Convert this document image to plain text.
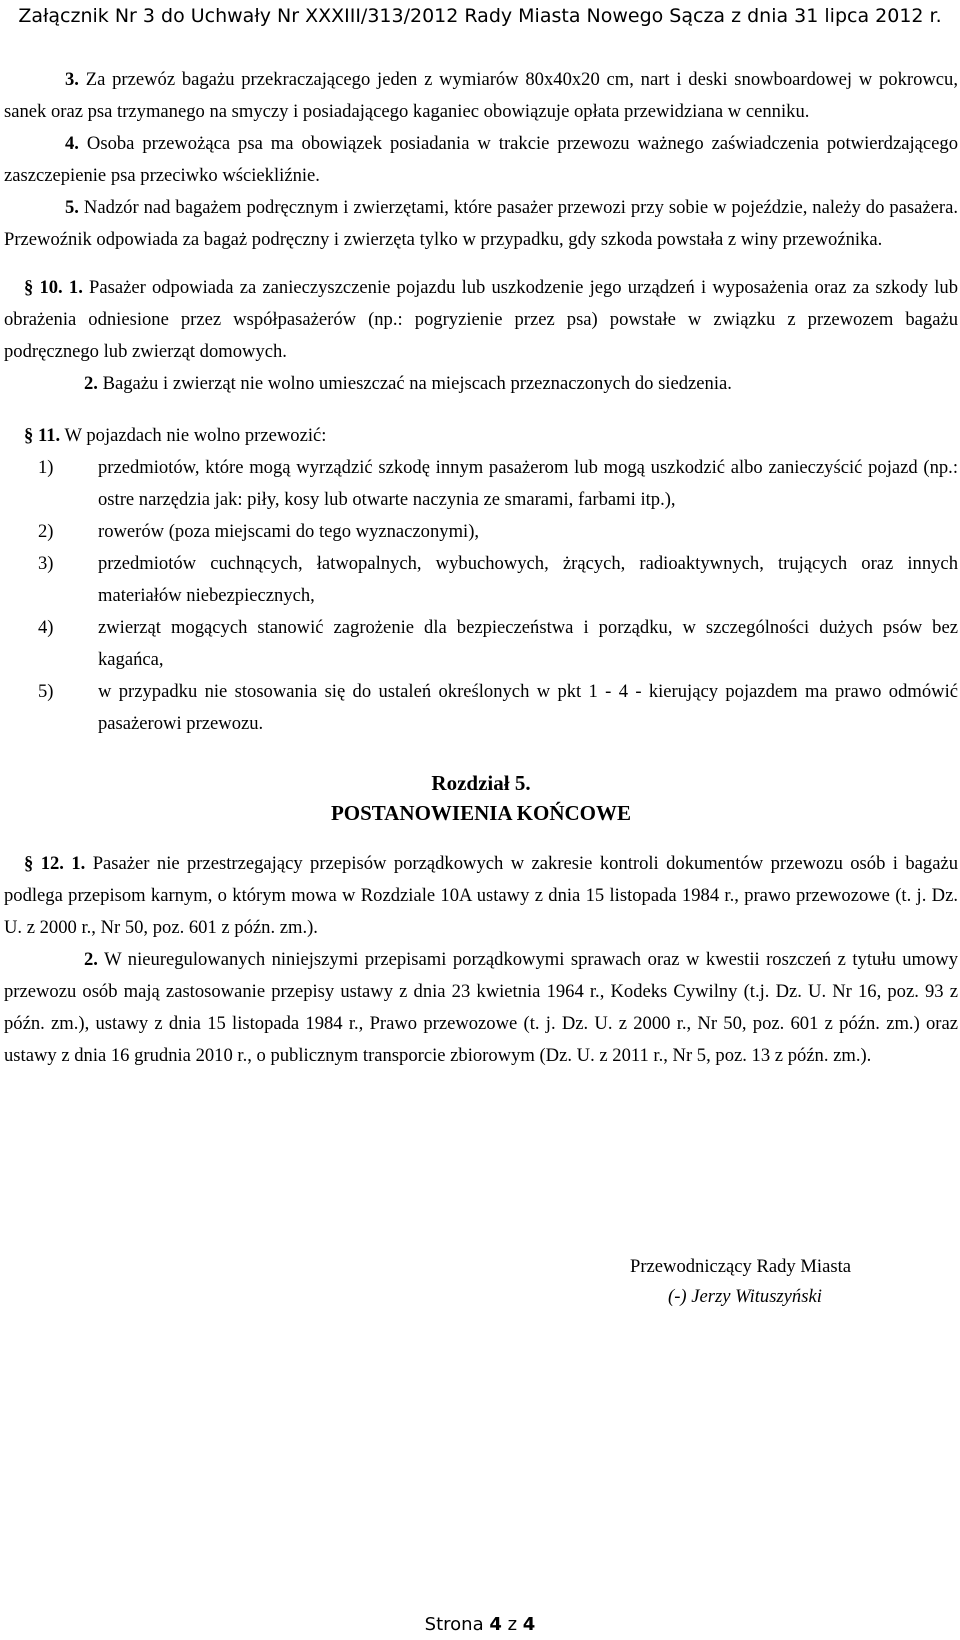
Załącznik Nr 3 do Uchwały Nr XXXIII/313/2012 Rady Miasta Nowego Sącza z dnia 31 lipca 2012 r.

3. Za przewóz bagażu przekraczającego jeden z wymiarów 80x40x20 cm, nart i deski snowboardowej w pokrowcu, sanek oraz psa trzymanego na smyczy i posiadającego kaganiec obowiązuje opłata przewidziana w cenniku.

4. Osoba przewożąca psa ma obowiązek posiadania w trakcie przewozu ważnego zaświadczenia potwierdzającego zaszczepienie psa przeciwko wściekliźnie.

5. Nadzór nad bagażem podręcznym i zwierzętami, które pasażer przewozi przy sobie w pojeździe, należy do pasażera. Przewoźnik odpowiada za bagaż podręczny i zwierzęta tylko w przypadku, gdy szkoda powstała z winy przewoźnika.

§ 10. 1. Pasażer odpowiada za zanieczyszczenie pojazdu lub uszkodzenie jego urządzeń i wyposażenia oraz za szkody lub obrażenia odniesione przez współpasażerów (np.: pogryzienie przez psa) powstałe w związku z przewozem bagażu podręcznego lub zwierząt domowych.

2. Bagażu i zwierząt nie wolno umieszczać na miejscach przeznaczonych do siedzenia.

§ 11. W pojazdach nie wolno przewozić:

1) przedmiotów, które mogą wyrządzić szkodę innym pasażerom lub mogą uszkodzić albo zanieczyścić pojazd (np.: ostre narzędzia jak: piły, kosy lub otwarte naczynia ze smarami, farbami itp.),
2) rowerów (poza miejscami do tego wyznaczonymi),
3) przedmiotów cuchnących, łatwopalnych, wybuchowych, żrących, radioaktywnych, trujących oraz innych materiałów niebezpiecznych,
4) zwierząt mogących stanowić zagrożenie dla bezpieczeństwa i porządku, w szczególności dużych psów bez kagańca,
5) w przypadku nie stosowania się do ustaleń określonych w pkt 1 - 4 - kierujący pojazdem ma prawo odmówić pasażerowi przewozu.
Rozdział 5.
POSTANOWIENIA KOŃCOWE

§ 12. 1. Pasażer nie przestrzegający przepisów porządkowych w zakresie kontroli dokumentów przewozu osób i bagażu podlega przepisom karnym, o którym mowa w Rozdziale 10A ustawy z dnia 15 listopada 1984 r., prawo przewozowe (t. j. Dz. U. z 2000 r., Nr 50, poz. 601 z późn. zm.).

2. W nieuregulowanych niniejszymi przepisami porządkowymi sprawach oraz w kwestii roszczeń z tytułu umowy przewozu osób mają zastosowanie przepisy ustawy z dnia 23 kwietnia 1964 r., Kodeks Cywilny (t.j. Dz. U. Nr 16, poz. 93 z późn. zm.), ustawy z dnia 15 listopada 1984 r., Prawo przewozowe (t. j. Dz. U. z 2000 r., Nr 50, poz. 601 z późn. zm.) oraz ustawy z dnia 16 grudnia 2010 r., o publicznym transporcie zbiorowym (Dz. U. z 2011 r., Nr 5, poz. 13 z późn. zm.).

Przewodniczący Rady Miasta
(-) Jerzy Wituszyński
Strona 4 z 4
